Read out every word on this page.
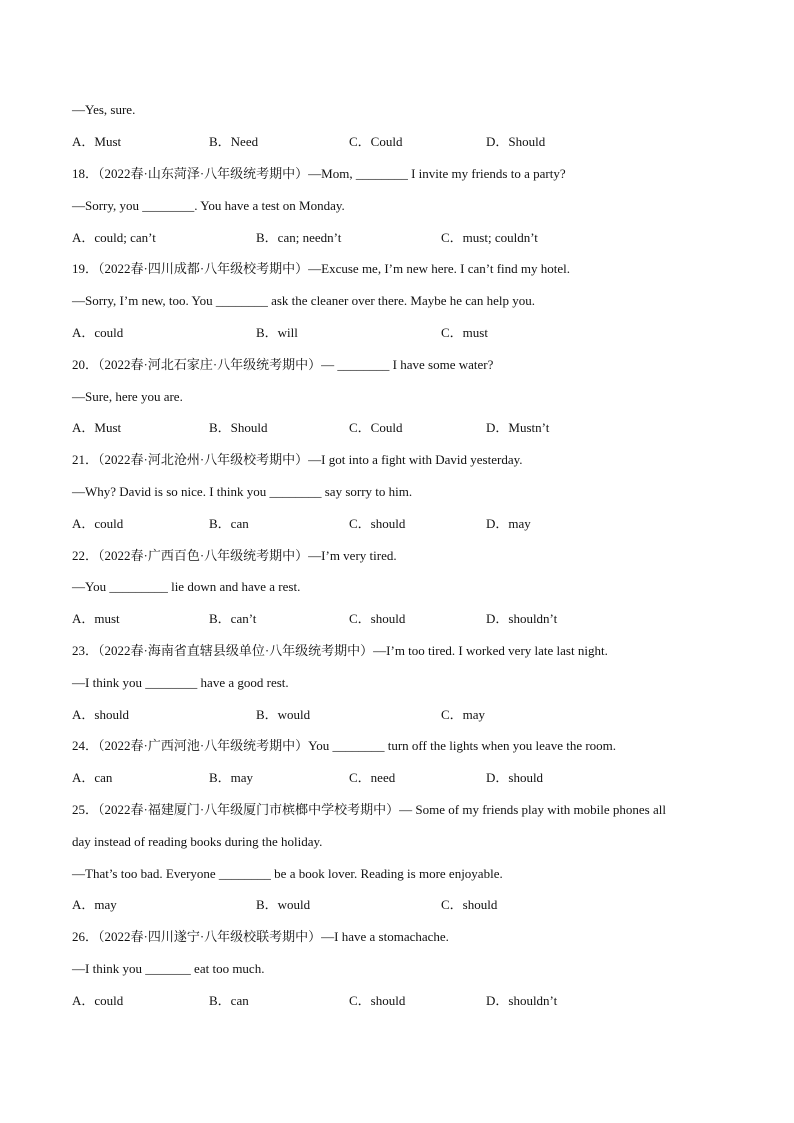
—Yes, sure.
A．Must	B．Need	C．Could	D．Should
18．（2022春·山东菏泽·八年级统考期中）—Mom, ________ I invite my friends to a party?
—Sorry, you ________. You have a test on Monday.
A．could; can’t	B．can; needn’t	C．must; couldn’t
19．（2022春·四川成都·八年级校考期中）—Excuse me, I’m new here. I can’t find my hotel.
—Sorry, I’m new, too. You ________ ask the cleaner over there. Maybe he can help you.
A．could	B．will	C．must
20．（2022春·河北石家庄·八年级统考期中）— ________ I have some water?
—Sure, here you are.
A．Must	B．Should	C．Could	D．Mustn’t
21．（2022春·河北沧州·八年级校考期中）—I got into a fight with David yesterday.
—Why? David is so nice. I think you ________ say sorry to him.
A．could	B．can	C．should	D．may
22．（2022春·广西百色·八年级统考期中）—I’m very tired.
—You _________ lie down and have a rest.
A．must	B．can’t	C．should	D．shouldn’t
23．（2022春·海南省直辖县级单位·八年级统考期中）—I’m too tired. I worked very late last night.
—I think you ________ have a good rest.
A．should	B．would	C．may
24．（2022春·广西河池·八年级统考期中）You ________ turn off the lights when you leave the room.
A．can	B．may	C．need	D．should
25．（2022春·福建厦门·八年级厦门市槟榔中学校考期中）— Some of my friends play with mobile phones all
day instead of reading books during the holiday.
—That’s too bad. Everyone ________ be a book lover. Reading is more enjoyable.
A．may	B．would	C．should
26．（2022春·四川遂宁·八年级校联考期中）—I have a stomachache.
—I think you _______ eat too much.
A．could	B．can	C．should	D．shouldn’t
